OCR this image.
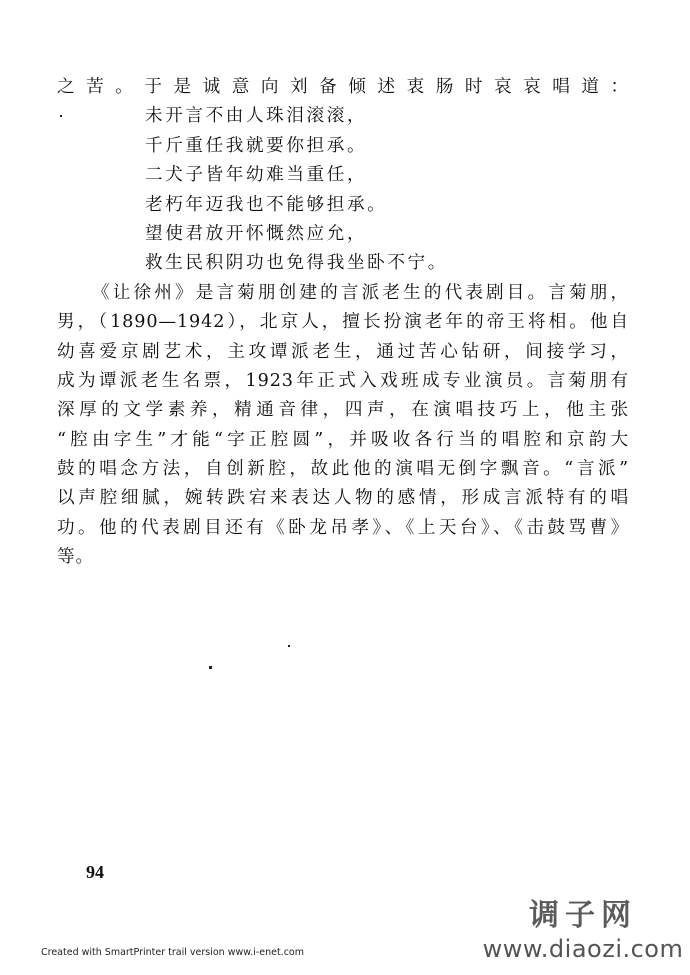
之苦。于是诚意向刘备倾述衷肠时哀哀唱道：
未开言不由人珠泪滚滚，
千斤重任我就要你担承。
二犬子皆年幼难当重任，
老朽年迈我也不能够担承。
望使君放开怀慨然应允，
救生民积阴功也免得我坐卧不宁。
《让徐州》是言菊朋创建的言派老生的代表剧目。言菊朋，
男，（1890—1942），北京人，擅长扮演老年的帝王将相。他自
幼喜爱京剧艺术，主攻谭派老生，通过苦心钻研，间接学习，
成为谭派老生名票，1923年正式入戏班成专业演员。言菊朋有
深厚的文学素养，精通音律，四声，在演唱技巧上，他主张
“腔由字生”才能“字正腔圆”，并吸收各行当的唱腔和京韵大
鼓的唱念方法，自创新腔，故此他的演唱无倒字飘音。“言派”
以声腔细腻，婉转跌宕来表达人物的感情，形成言派特有的唱
功。他的代表剧目还有《卧龙吊孝》、《上天台》、《击鼓骂曹》
等。
94
调子网
www.diaozi.com
Created with SmartPrinter trail version www.i-enet.com
